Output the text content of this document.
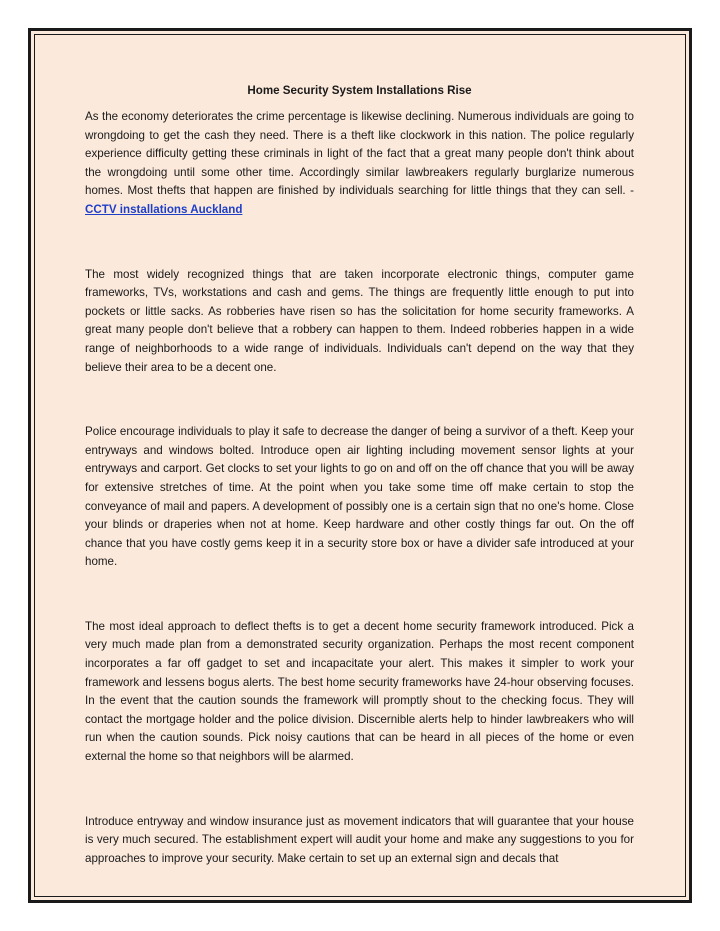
Home Security System Installations Rise

As the economy deteriorates the crime percentage is likewise declining. Numerous individuals are going to wrongdoing to get the cash they need. There is a theft like clockwork in this nation. The police regularly experience difficulty getting these criminals in light of the fact that a great many people don't think about the wrongdoing until some other time. Accordingly similar lawbreakers regularly burglarize numerous homes. Most thefts that happen are finished by individuals searching for little things that they can sell. - CCTV installations Auckland

The most widely recognized things that are taken incorporate electronic things, computer game frameworks, TVs, workstations and cash and gems. The things are frequently little enough to put into pockets or little sacks. As robberies have risen so has the solicitation for home security frameworks. A great many people don't believe that a robbery can happen to them. Indeed robberies happen in a wide range of neighborhoods to a wide range of individuals. Individuals can't depend on the way that they believe their area to be a decent one.

Police encourage individuals to play it safe to decrease the danger of being a survivor of a theft. Keep your entryways and windows bolted. Introduce open air lighting including movement sensor lights at your entryways and carport. Get clocks to set your lights to go on and off on the off chance that you will be away for extensive stretches of time. At the point when you take some time off make certain to stop the conveyance of mail and papers. A development of possibly one is a certain sign that no one's home. Close your blinds or draperies when not at home. Keep hardware and other costly things far out. On the off chance that you have costly gems keep it in a security store box or have a divider safe introduced at your home.

The most ideal approach to deflect thefts is to get a decent home security framework introduced. Pick a very much made plan from a demonstrated security organization. Perhaps the most recent component incorporates a far off gadget to set and incapacitate your alert. This makes it simpler to work your framework and lessens bogus alerts. The best home security frameworks have 24-hour observing focuses. In the event that the caution sounds the framework will promptly shout to the checking focus. They will contact the mortgage holder and the police division. Discernible alerts help to hinder lawbreakers who will run when the caution sounds. Pick noisy cautions that can be heard in all pieces of the home or even external the home so that neighbors will be alarmed.

Introduce entryway and window insurance just as movement indicators that will guarantee that your house is very much secured. The establishment expert will audit your home and make any suggestions to you for approaches to improve your security. Make certain to set up an external sign and decals that
